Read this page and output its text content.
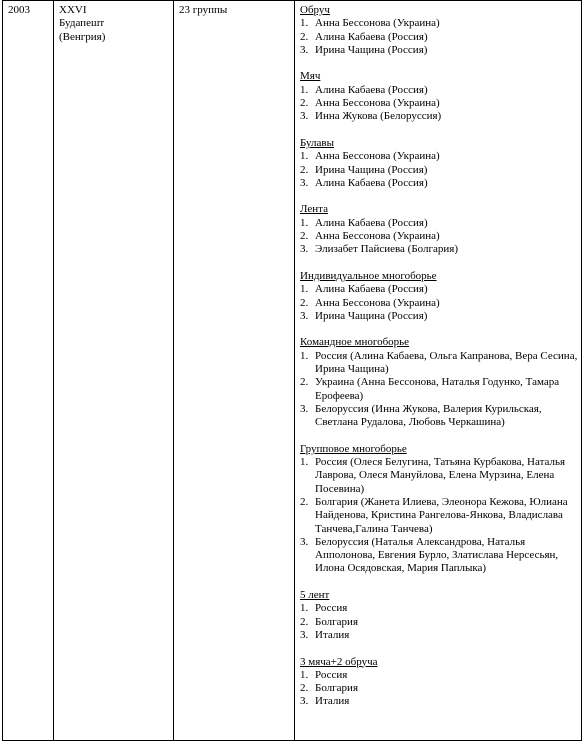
2003	XXVI
Будапешт
(Венгрия)
23 группы	Обруч
1. Анна Бессонова (Украина)
2. Алина Кабаева (Россия)
3. Ирина Чащина (Россия)
Мяч
1. Алина Кабаева (Россия)
2. Анна Бессонова (Украина)
3. Инна Жукова (Белоруссия)
Булавы
1. Анна Бессонова (Украина)
2. Ирина Чащина (Россия)
3. Алина Кабаева (Россия)
Лента
1. Алина Кабаева (Россия)
2. Анна Бессонова (Украина)
3. Элизабет Пайсиева (Болгария)
Индивидуальное многоборье
1. Алина Кабаева (Россия)
2. Анна Бессонова (Украина)
3. Ирина Чащина (Россия)
Командное многоборье
1. Россия (Алина Кабаева, Ольга Капранова, Вера Сесина, Ирина Чащина)
2. Украина (Анна Бессонова, Наталья Годунко, Тамара Ерофеева)
3. Белоруссия (Инна Жукова, Валерия Курильская, Светлана Рудалова, Любовь Черкашина)
Групповое многоборье
1. Россия (Олеся Белугина, Татьяна Курбакова, Наталья Лаврова, Олеся Мануйлова, Елена Мурзина, Елена Посевина)
2. Болгария (Жанета Илиева, Элеонора Кежова, Юлиана Найденова, Кристина Рангелова-Янкова, Владислава Танчева,Галина Танчева)
3. Белоруссия (Наталья Александрова, Наталья Апполонова, Евгения Бурло, Златислава Нерсесьян, Илона Осядовская, Мария Паплыка)
5 лент
1. Россия
2. Болгария
3. Италия
3 мяча+2 обруча
1. Россия
2. Болгария
3. Италия
